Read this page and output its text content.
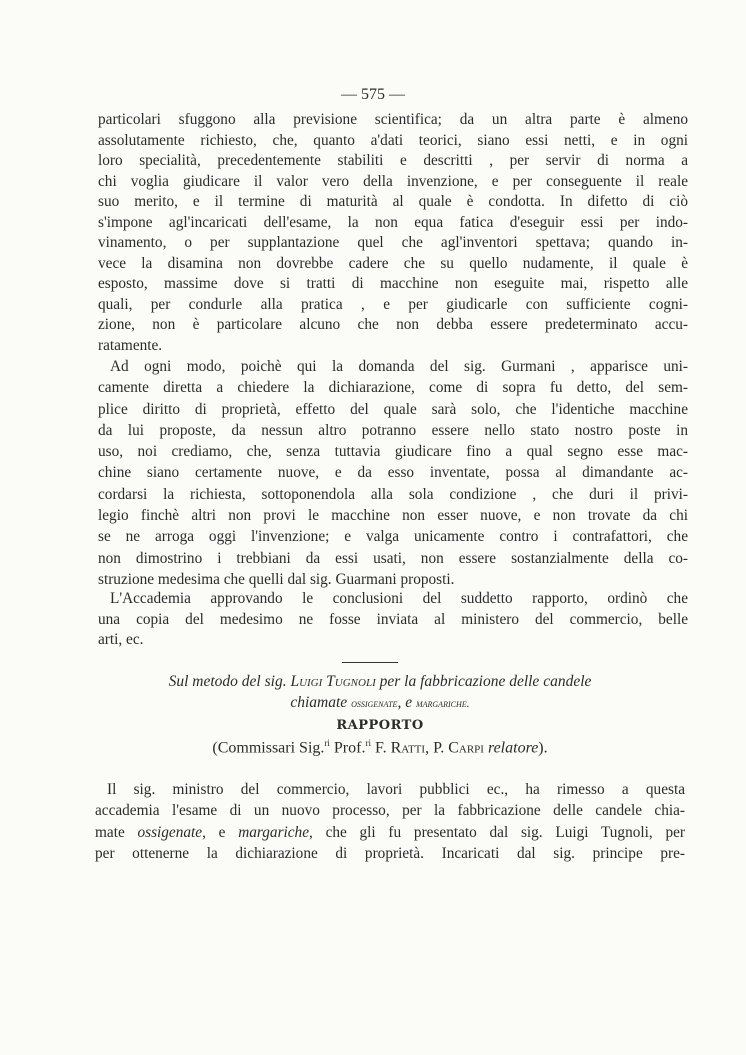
— 575 —
particolari sfuggono alla previsione scientifica; da un altra parte è almeno
assolutamente richiesto, che, quanto a'dati teorici, siano essi netti, e in ogni
loro specialità, precedentemente stabiliti e descritti , per servir di norma a
chi voglia giudicare il valor vero della invenzione, e per conseguente il reale
suo merito, e il termine di maturità al quale è condotta. In difetto di ciò
s'impone agl'incaricati dell'esame, la non equa fatica d'eseguir essi per indo-
vinamento, o per supplantazione quel che agl'inventori spettava; quando in-
vece la disamina non dovrebbe cadere che su quello nudamente, il quale è
esposto, massime dove si tratti di macchine non eseguite mai, rispetto alle
quali, per condurle alla pratica , e per giudicarle con sufficiente cogni-
zione, non è particolare alcuno che non debba essere predeterminato accu-
ratamente.
Ad ogni modo, poichè qui la domanda del sig. Gurmani , apparisce uni-
camente diretta a chiedere la dichiarazione, come di sopra fu detto, del sem-
plice diritto di proprietà, effetto del quale sarà solo, che l'identiche macchine
da lui proposte, da nessun altro potranno essere nello stato nostro poste in
uso, noi crediamo, che, senza tuttavia giudicare fino a qual segno esse mac-
chine siano certamente nuove, e da esso inventate, possa al dimandante ac-
cordarsi la richiesta, sottoponendola alla sola condizione , che duri il privi-
legio finchè altri non provi le macchine non esser nuove, e non trovate da chi
se ne arroga oggi l'invenzione; e valga unicamente contro i contrafattori, che
non dimostrino i trebbiani da essi usati, non essere sostanzialmente della co-
struzione medesima che quelli dal sig. Guarmani proposti.
L'Accademia approvando le conclusioni del suddetto rapporto, ordinò che
una copia del medesimo ne fosse inviata al ministero del commercio, belle
arti, ec.
Sul metodo del sig. Luigi Tugnoli per la fabbricazione delle candele
chiamate ossigenate, e margariche.
RAPPORTO
(Commissari Sig.$^{ri}$ Prof.$^{ri}$ F. Ratti, P. Carpi relatore).
Il sig. ministro del commercio, lavori pubblici ec., ha rimesso a questa
accademia l'esame di un nuovo processo, per la fabbricazione delle candele chia-
mate ossigenate, e margariche, che gli fu presentato dal sig. Luigi Tugnoli, per
per ottenerne la dichiarazione di proprietà. Incaricati dal sig. principe pre-
